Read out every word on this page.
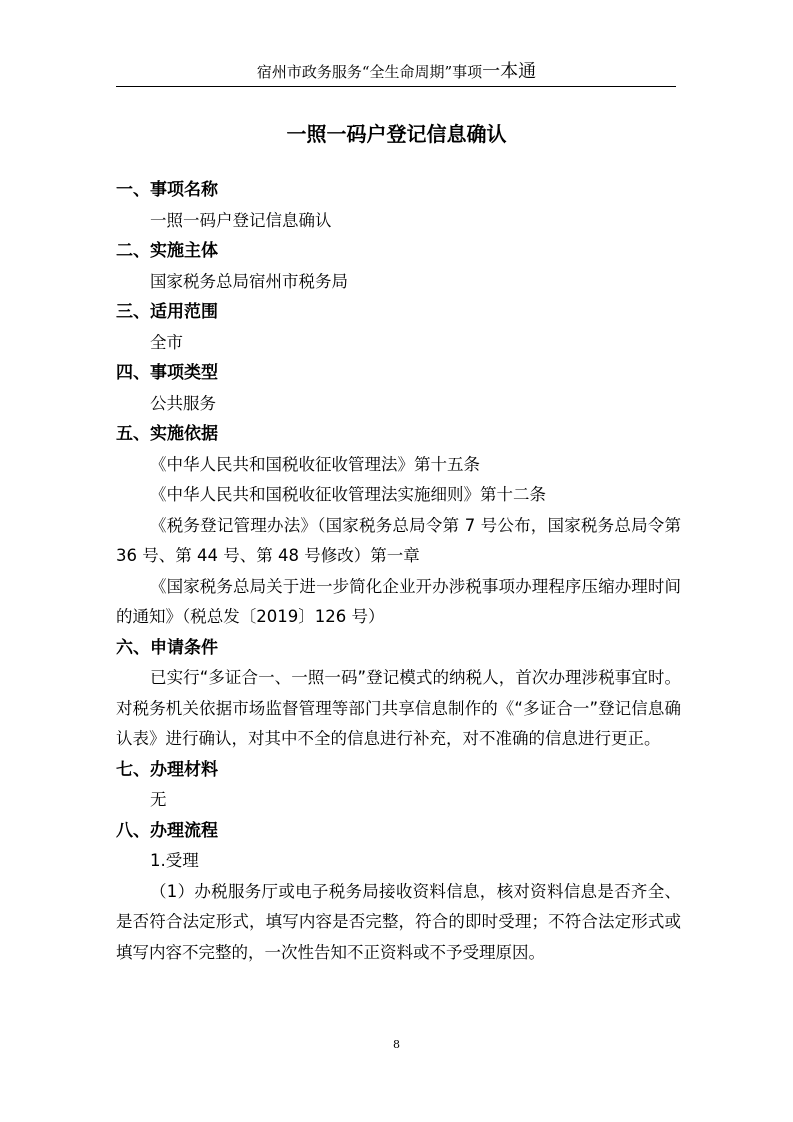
宿州市政务服务“全生命周期”事项一本通
一照一码户登记信息确认

一、事项名称

一照一码户登记信息确认

二、实施主体

国家税务总局宿州市税务局

三、适用范围

全市

四、事项类型

公共服务

五、实施依据

《中华人民共和国税收征收管理法》第十五条

《中华人民共和国税收征收管理法实施细则》第十二条

《税务登记管理办法》（国家税务总局令第 7 号公布，国家税务总局令第 36 号、第 44 号、第 48 号修改）第一章

《国家税务总局关于进一步简化企业开办涉税事项办理程序压缩办理时间的通知》（税总发〔2019〕126 号）

六、申请条件

已实行“多证合一、一照一码”登记模式的纳税人，首次办理涉税事宜时。对税务机关依据市场监督管理等部门共享信息制作的《“多证合一”登记信息确认表》进行确认，对其中不全的信息进行补充，对不准确的信息进行更正。

七、办理材料

无

八、办理流程

1.受理

（1）办税服务厅或电子税务局接收资料信息，核对资料信息是否齐全、是否符合法定形式，填写内容是否完整，符合的即时受理；不符合法定形式或填写内容不完整的，一次性告知不正资料或不予受理原因。

8
